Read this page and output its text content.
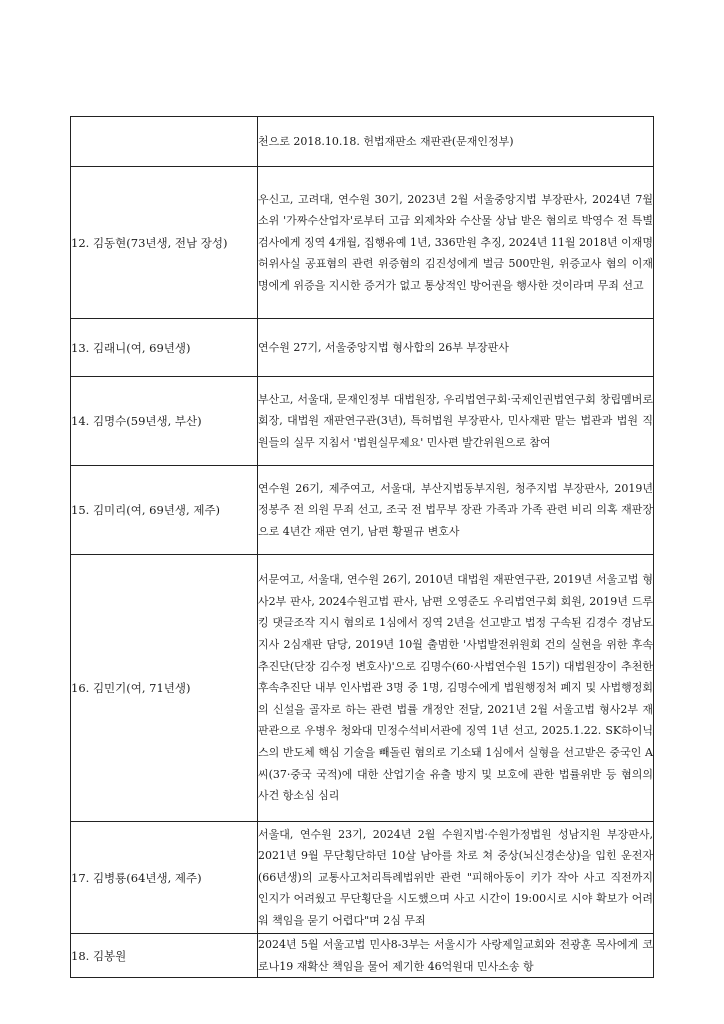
	천으로 2018.10.18. 헌법재판소 재판관(문재인정부)
12. 김동현(73년생, 전남 장성)	우신고, 고려대, 연수원 30기, 2023년 2월 서울중앙지법 부장판사, 2024년 7월 소위 '가짜수산업자'로부터 고급 외제차와 수산물 상납 받은 혐의로 박영수 전 특별검사에게 징역 4개월, 집행유예 1년, 336만원 추징, 2024년 11월 2018년 이재명 허위사실 공표혐의 관련 위증혐의 김진성에게 벌금 500만원, 위증교사 혐의 이재명에게 위증을 지시한 증거가 없고 통상적인 방어권을 행사한 것이라며 무죄 선고
13. 김래니(여, 69년생)	연수원 27기, 서울중앙지법 형사합의 26부 부장판사
14. 김명수(59년생, 부산)	부산고, 서울대, 문재인정부 대법원장, 우리법연구회·국제인권법연구회 창립멤버로 회장, 대법원 재판연구관(3년), 특허법원 부장판사, 민사재판 맡는 법관과 법원 직원들의 실무 지침서 '법원실무제요' 민사편 발간위원으로 참여
15. 김미리(여, 69년생, 제주)	연수원 26기, 제주여고, 서울대, 부산지법동부지원, 청주지법 부장판사, 2019년 정봉주 전 의원 무죄 선고, 조국 전 법무부 장관 가족과 가족 관련 비리 의혹 재판장으로 4년간 재판 연기, 남편 황필규 변호사
16. 김민기(여, 71년생)	서문여고, 서울대, 연수원 26기, 2010년 대법원 재판연구관, 2019년 서울고법 형사2부 판사, 2024수원고법 판사, 남편 오영준도 우리법연구회 회원, 2019년 드루킹 댓글조작 지시 혐의로 1심에서 징역 2년을 선고받고 법정 구속된 김경수 경남도지사 2심재판 담당, 2019년 10월 출범한 '사법발전위원회 건의 실현을 위한 후속추진단(단장 김수정 변호사)'으로 김명수(60·사법연수원 15기) 대법원장이 추천한 후속추진단 내부 인사법관 3명 중 1명, 김명수에게 법원행정처 폐지 및 사법행정회의 신설을 골자로 하는 관련 법률 개정안 전달, 2021년 2월 서울고법 형사2부 재판관으로 우병우 청와대 민정수석비서관에 징역 1년 선고, 2025.1.22. SK하이닉스의 반도체 핵심 기술을 빼돌린 혐의로 기소돼 1심에서 실형을 선고받은 중국인 A씨(37·중국 국적)에 대한 산업기술 유출 방지 및 보호에 관한 법률위반 등 혐의의 사건 항소심 심리
17. 김병룡(64년생, 제주)	서울대, 연수원 23기, 2024년 2월 수원지법·수원가정법원 성남지원 부장판사, 2021년 9월 무단횡단하던 10살 남아를 차로 쳐 중상(뇌신경손상)을 입힌 운전자(66년생)의 교통사고처리특례법위반 관련 "피해아동이 키가 작아 사고 직전까지 인지가 어려웠고 무단횡단을 시도했으며 사고 시간이 19:00시로 시야 확보가 어려워 책임을 묻기 어렵다"며 2심 무죄
18. 김봉원	2024년 5월 서울고법 민사8-3부는 서울시가 사랑제일교회와 전광훈 목사에게 코로나19 재확산 책임을 물어 제기한 46억원대 민사소송 항
